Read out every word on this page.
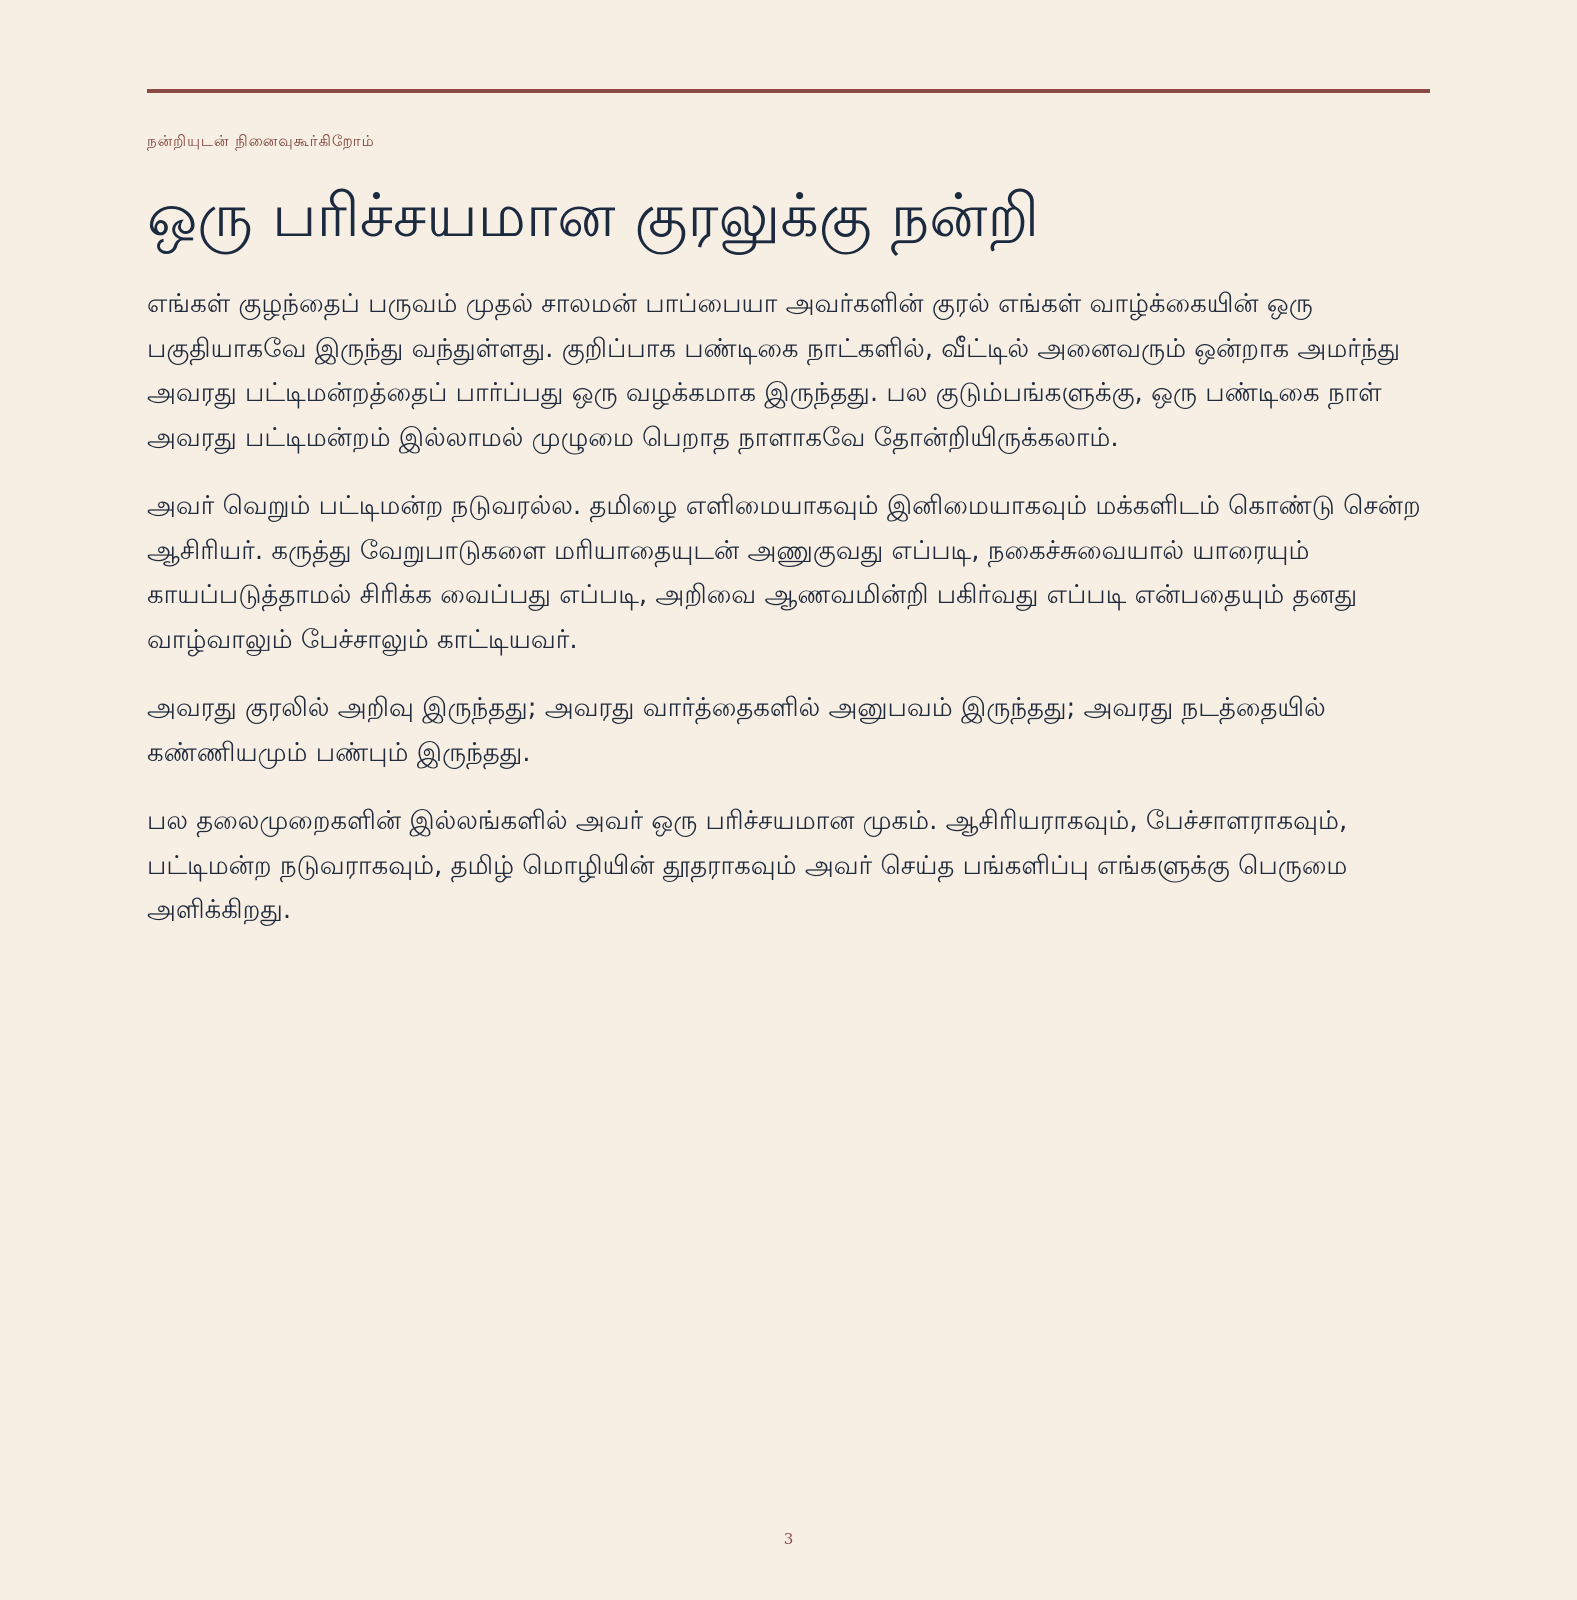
நன்றியுடன் நினைவுகூர்கிறோம்
ஒரு பரிச்சயமான குரலுக்கு நன்றி

எங்கள் குழந்தைப் பருவம் முதல் சாலமன் பாப்பையா அவர்களின் குரல் எங்கள் வாழ்க்கையின் ஒரு பகுதியாகவே இருந்து வந்துள்ளது. குறிப்பாக பண்டிகை நாட்களில், வீட்டில் அனைவரும் ஒன்றாக அமர்ந்து அவரது பட்டிமன்றத்தைப் பார்ப்பது ஒரு வழக்கமாக இருந்தது. பல குடும்பங்களுக்கு, ஒரு பண்டிகை நாள் அவரது பட்டிமன்றம் இல்லாமல் முழுமை பெறாத நாளாகவே தோன்றியிருக்கலாம்.

அவர் வெறும் பட்டிமன்ற நடுவரல்ல. தமிழை எளிமையாகவும் இனிமையாகவும் மக்களிடம் கொண்டு சென்ற ஆசிரியர். கருத்து வேறுபாடுகளை மரியாதையுடன் அணுகுவது எப்படி, நகைச்சுவையால் யாரையும் காயப்படுத்தாமல் சிரிக்க வைப்பது எப்படி, அறிவை ஆணவமின்றி பகிர்வது எப்படி என்பதையும் தனது வாழ்வாலும் பேச்சாலும் காட்டியவர்.

அவரது குரலில் அறிவு இருந்தது; அவரது வார்த்தைகளில் அனுபவம் இருந்தது; அவரது நடத்தையில் கண்ணியமும் பண்பும் இருந்தது.

பல தலைமுறைகளின் இல்லங்களில் அவர் ஒரு பரிச்சயமான முகம். ஆசிரியராகவும், பேச்சாளராகவும், பட்டிமன்ற நடுவராகவும், தமிழ் மொழியின் தூதராகவும் அவர் செய்த பங்களிப்பு எங்களுக்கு பெருமை அளிக்கிறது.

3
